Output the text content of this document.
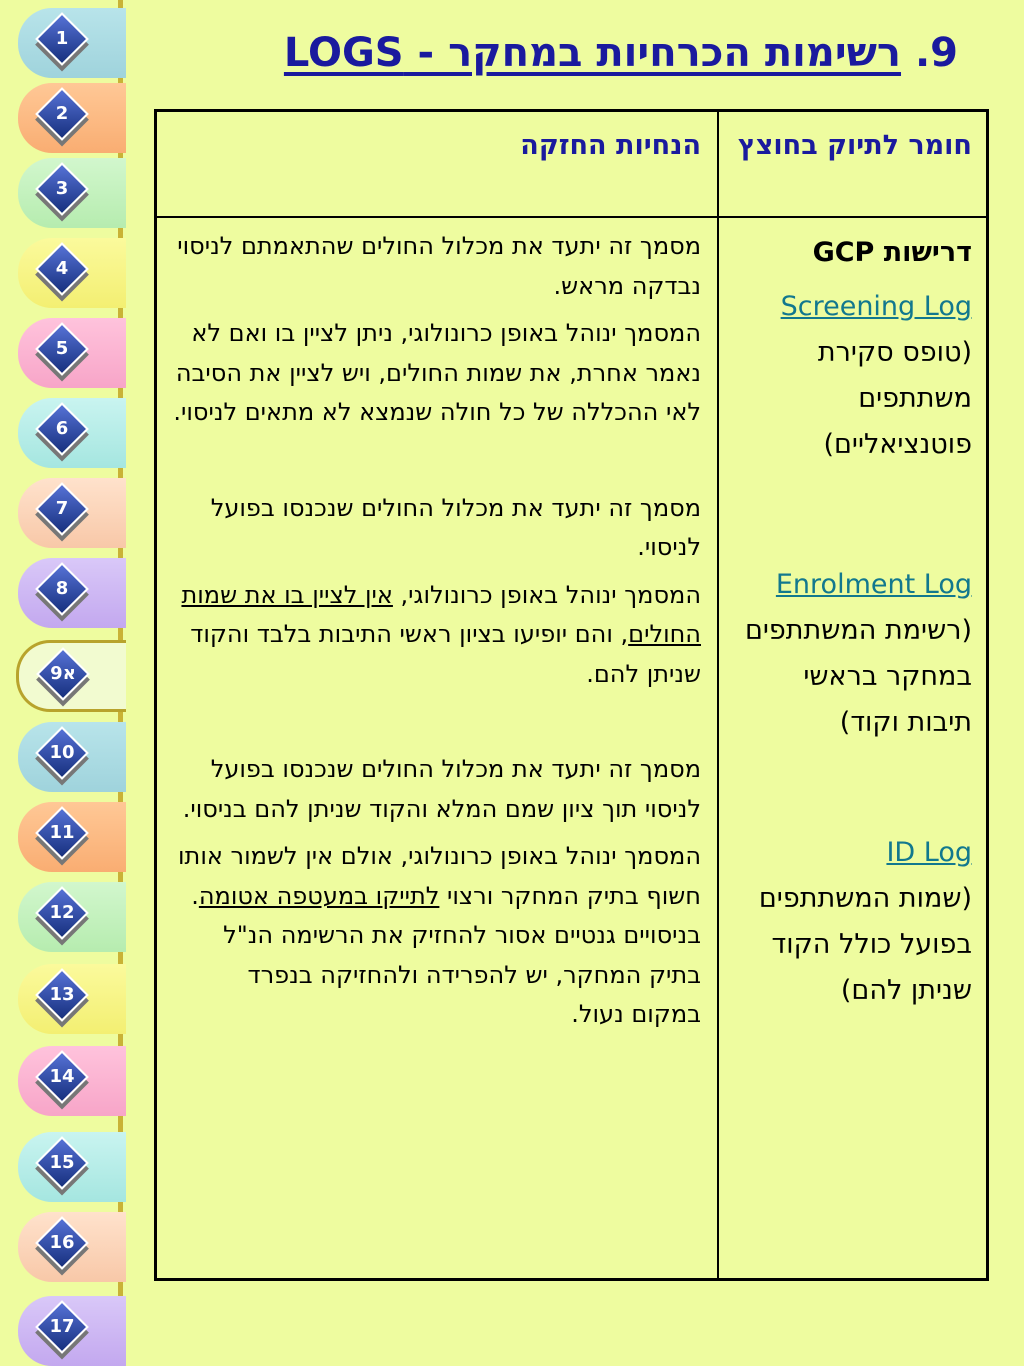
1
2
3
4
5
6
7
8
9א
10
11
12
13
14
15
16
17
9. רשימות הכרחיות במחקר - LOGS
חומר לתיוק בחוצץ
הנחיות החזקה
דרישות GCP
Screening Log
(טופס סקירת משתתפים פוטנציאליים)
Enrolment Log
(רשימת המשתתפים במחקר בראשי תיבות וקוד)
ID Log
(שמות המשתתפים בפועל כולל הקוד שניתן להם)

מסמך זה יתעד את מכלול החולים שהתאמתם לניסוי נבדקה מראש.

המסמך ינוהל באופן כרונולוגי, ניתן לציין בו ואם לא נאמר אחרת, את שמות החולים, ויש לציין את הסיבה לאי ההכללה של כל חולה שנמצא לא מתאים לניסוי.

מסמך זה יתעד את מכלול החולים שנכנסו בפועל לניסוי.

המסמך ינוהל באופן כרונולוגי, אין לציין בו את שמות החולים, והם יופיעו בציון ראשי התיבות בלבד והקוד שניתן להם.

מסמך זה יתעד את מכלול החולים שנכנסו בפועל לניסוי תוך ציון שמם המלא והקוד שניתן להם בניסוי.

המסמך ינוהל באופן כרונולוגי, אולם אין לשמור אותו חשוף בתיק המחקר ורצוי לתייקו במעטפה אטומה. בניסויים גנטיים אסור להחזיק את הרשימה הנ"ל בתיק המחקר, יש להפרידה ולהחזיקה בנפרד במקום נעול.
